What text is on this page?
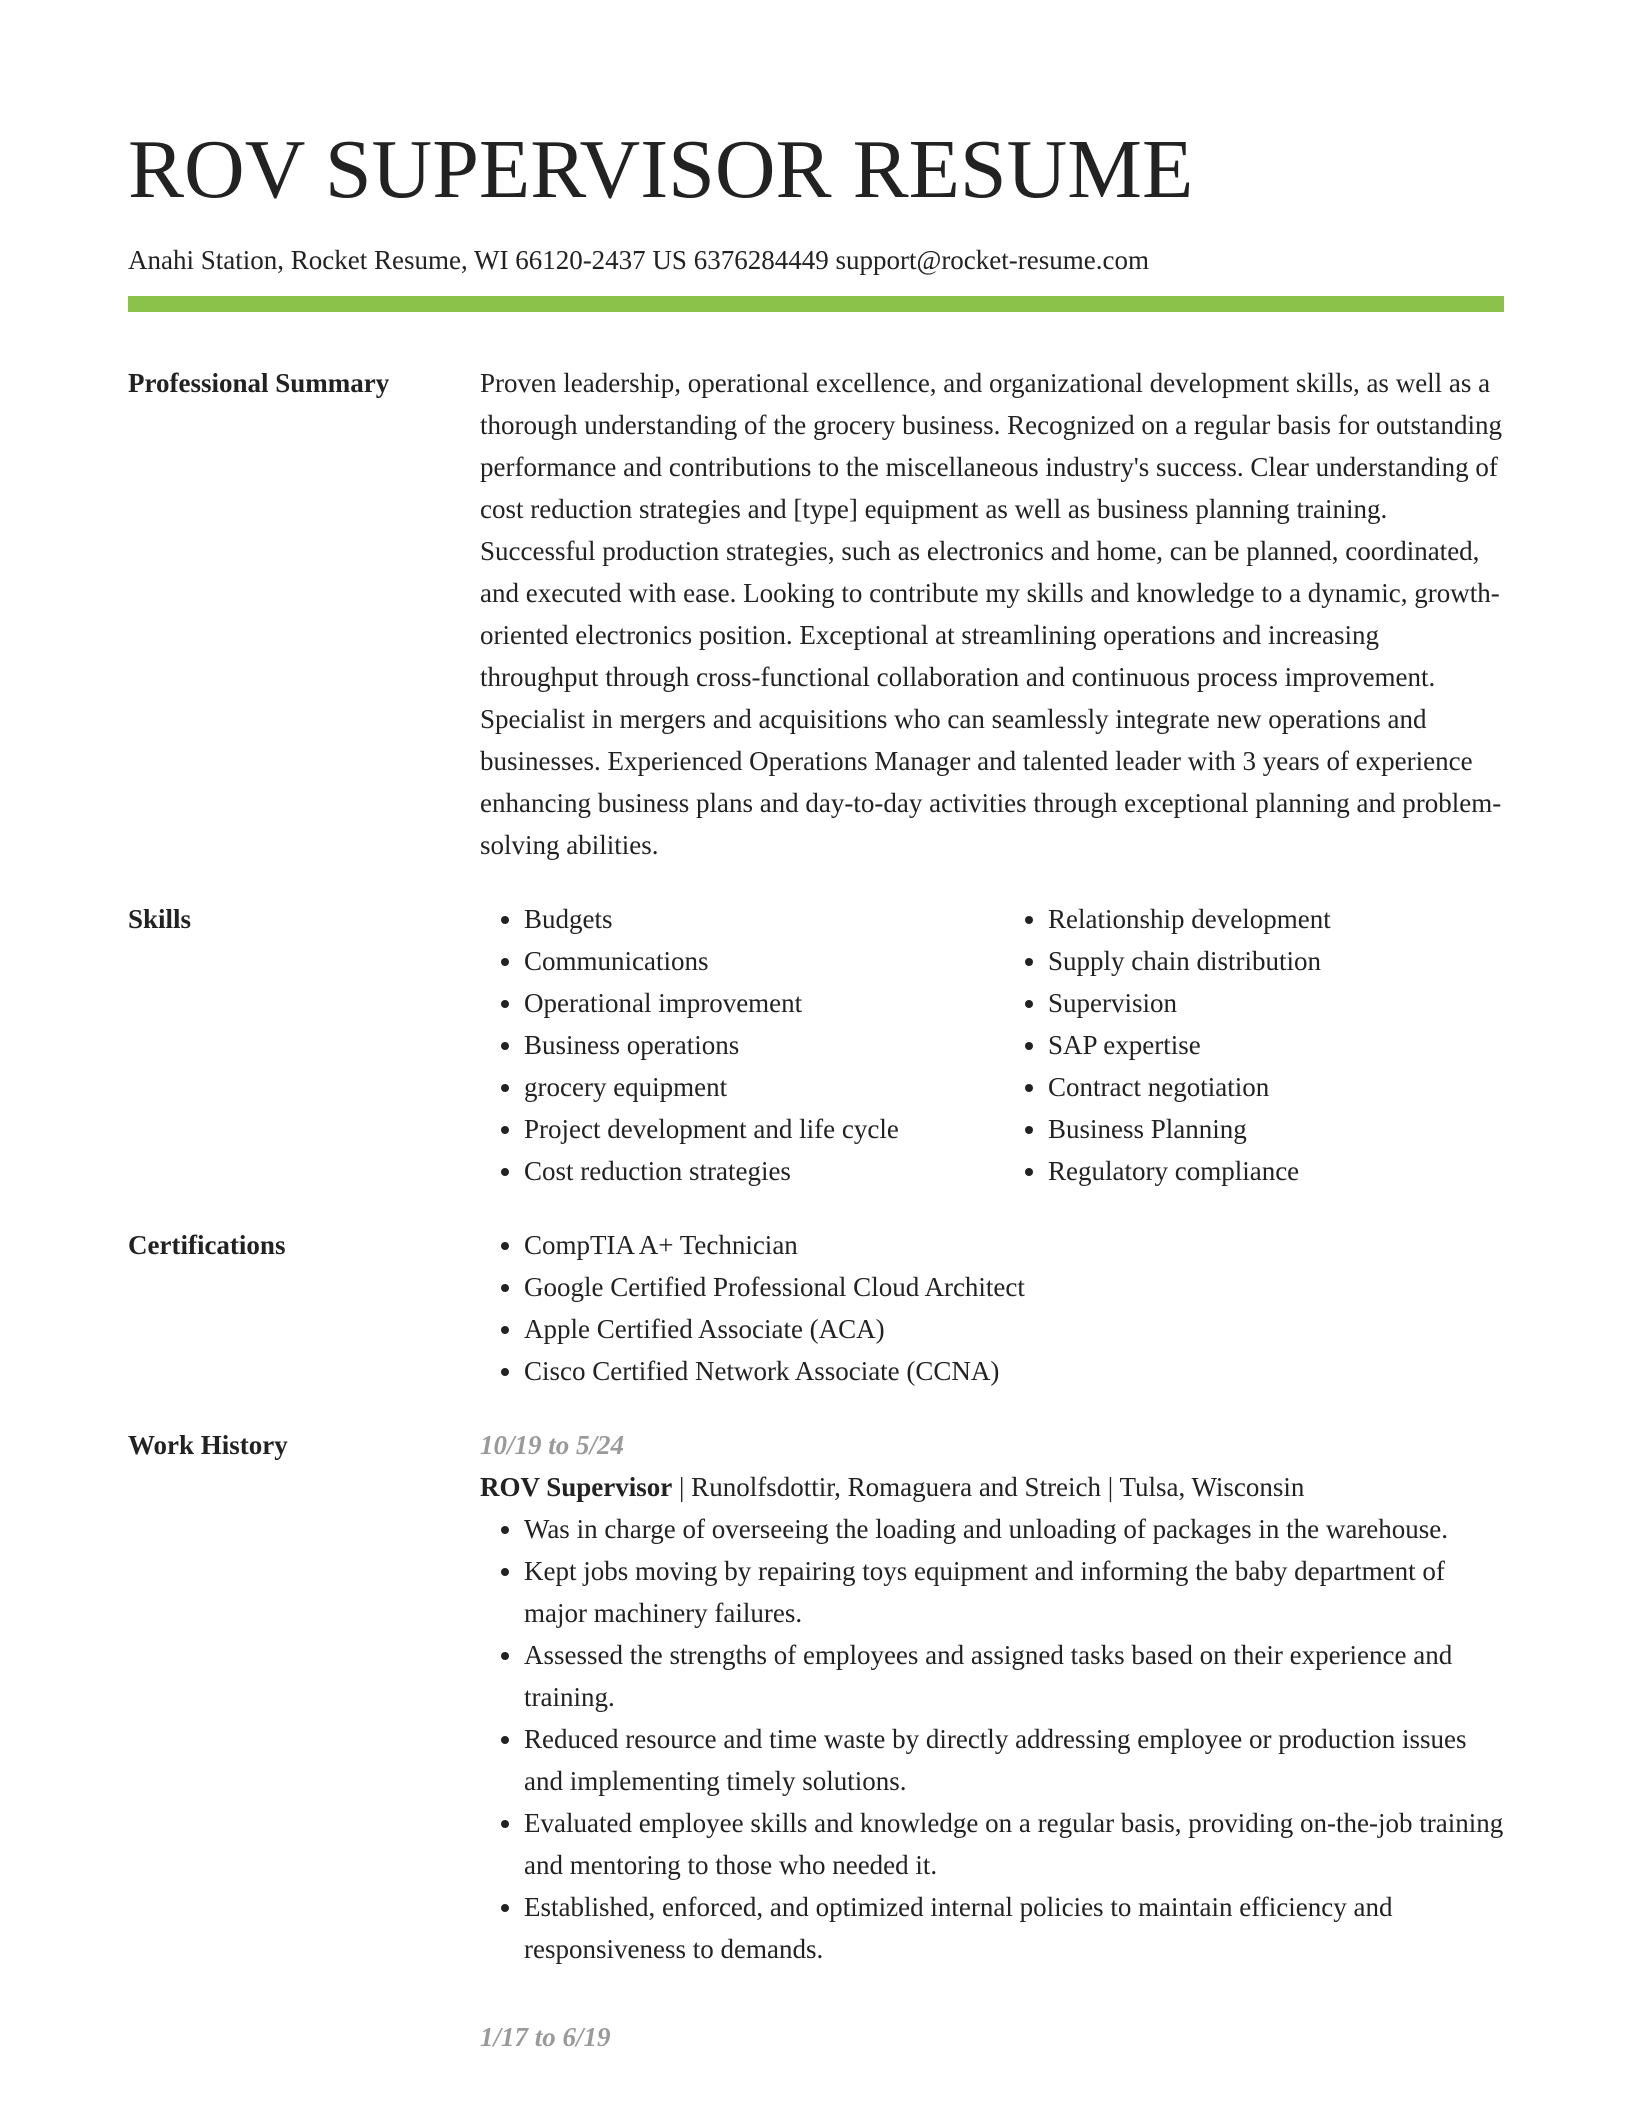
ROV SUPERVISOR RESUME
Anahi Station, Rocket Resume, WI 66120-2437 US 6376284449 support@rocket-resume.com
Professional Summary	Proven leadership, operational excellence, and organizational development skills, as well as a thorough understanding of the grocery business. Recognized on a regular basis for outstanding performance and contributions to the miscellaneous industry's success. Clear understanding of cost reduction strategies and [type] equipment as well as business planning training. Successful production strategies, such as electronics and home, can be planned, coordinated, and executed with ease. Looking to contribute my skills and knowledge to a dynamic, growth-oriented electronics position. Exceptional at streamlining operations and increasing throughput through cross-functional collaboration and continuous process improvement. Specialist in mergers and acquisitions who can seamlessly integrate new operations and businesses. Experienced Operations Manager and talented leader with 3 years of experience enhancing business plans and day-to-day activities through exceptional planning and problem-solving abilities.

Skills	• Budgets
• Communications
• Operational improvement
• Business operations
• grocery equipment
• Project development and life cycle
• Cost reduction strategies
• Relationship development
• Supply chain distribution
• Supervision
• SAP expertise
• Contract negotiation
• Business Planning
• Regulatory compliance
Certifications	• CompTIA A+ Technician
• Google Certified Professional Cloud Architect
• Apple Certified Associate (ACA)
• Cisco Certified Network Associate (CCNA)
Work History	10/19 to 5/24
ROV Supervisor | Runolfsdottir, Romaguera and Streich | Tulsa, Wisconsin
• Was in charge of overseeing the loading and unloading of packages in the warehouse.
• Kept jobs moving by repairing toys equipment and informing the baby department of major machinery failures.
• Assessed the strengths of employees and assigned tasks based on their experience and training.
• Reduced resource and time waste by directly addressing employee or production issues and implementing timely solutions.
• Evaluated employee skills and knowledge on a regular basis, providing on-the-job training and mentoring to those who needed it.
• Established, enforced, and optimized internal policies to maintain efficiency and responsiveness to demands.
1/17 to 6/19
